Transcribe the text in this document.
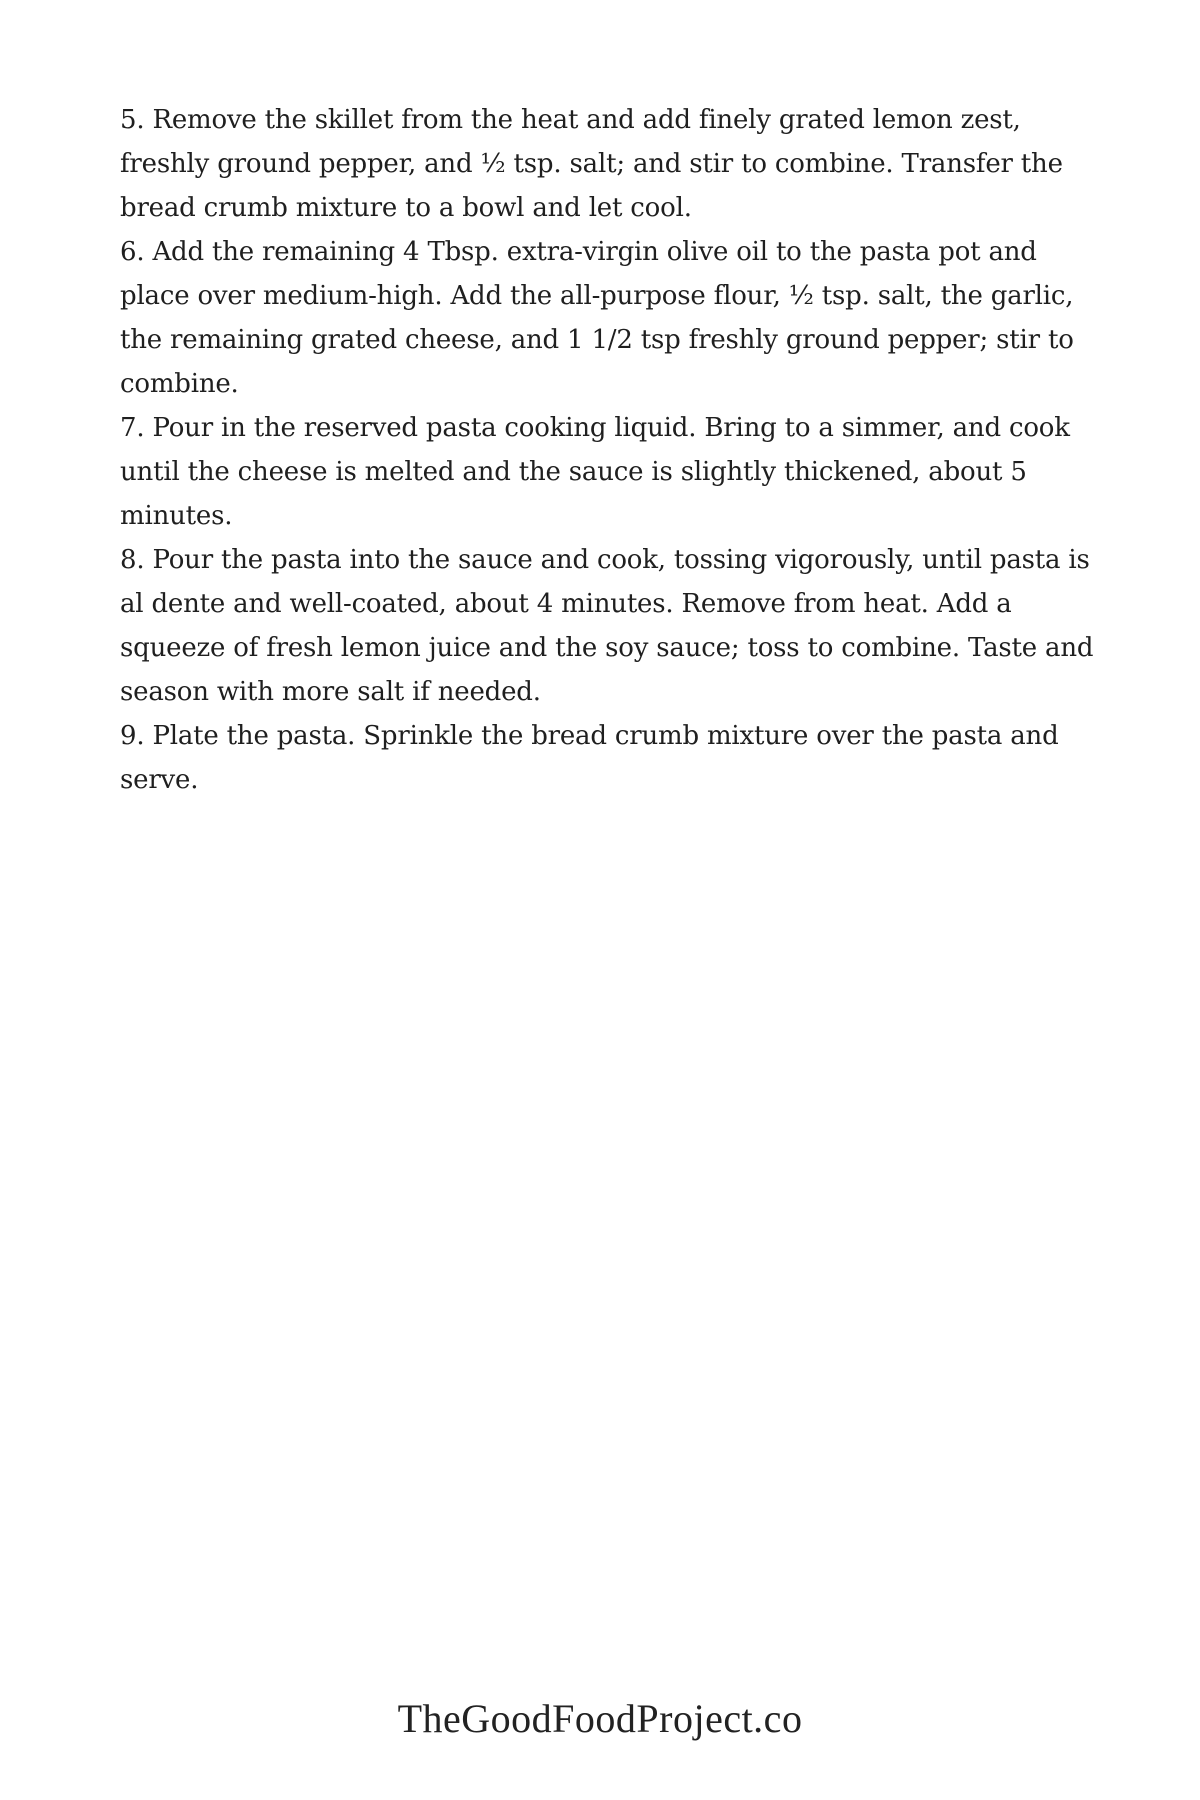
5. Remove the skillet from the heat and add finely grated lemon zest, freshly ground pepper, and ½ tsp. salt; and stir to combine. Transfer the bread crumb mixture to a bowl and let cool.

6. Add the remaining 4 Tbsp. extra-virgin olive oil to the pasta pot and place over medium-high. Add the all-purpose flour, ½ tsp. salt, the garlic, the remaining grated cheese, and 1 1/2 tsp freshly ground pepper; stir to combine.

7. Pour in the reserved pasta cooking liquid. Bring to a simmer, and cook until the cheese is melted and the sauce is slightly thickened, about 5 minutes.

8. Pour the pasta into the sauce and cook, tossing vigorously, until pasta is al dente and well-coated, about 4 minutes. Remove from heat. Add a squeeze of fresh lemon juice and the soy sauce; toss to combine. Taste and season with more salt if needed.

9. Plate the pasta. Sprinkle the bread crumb mixture over the pasta and serve.

TheGoodFoodProject.co
